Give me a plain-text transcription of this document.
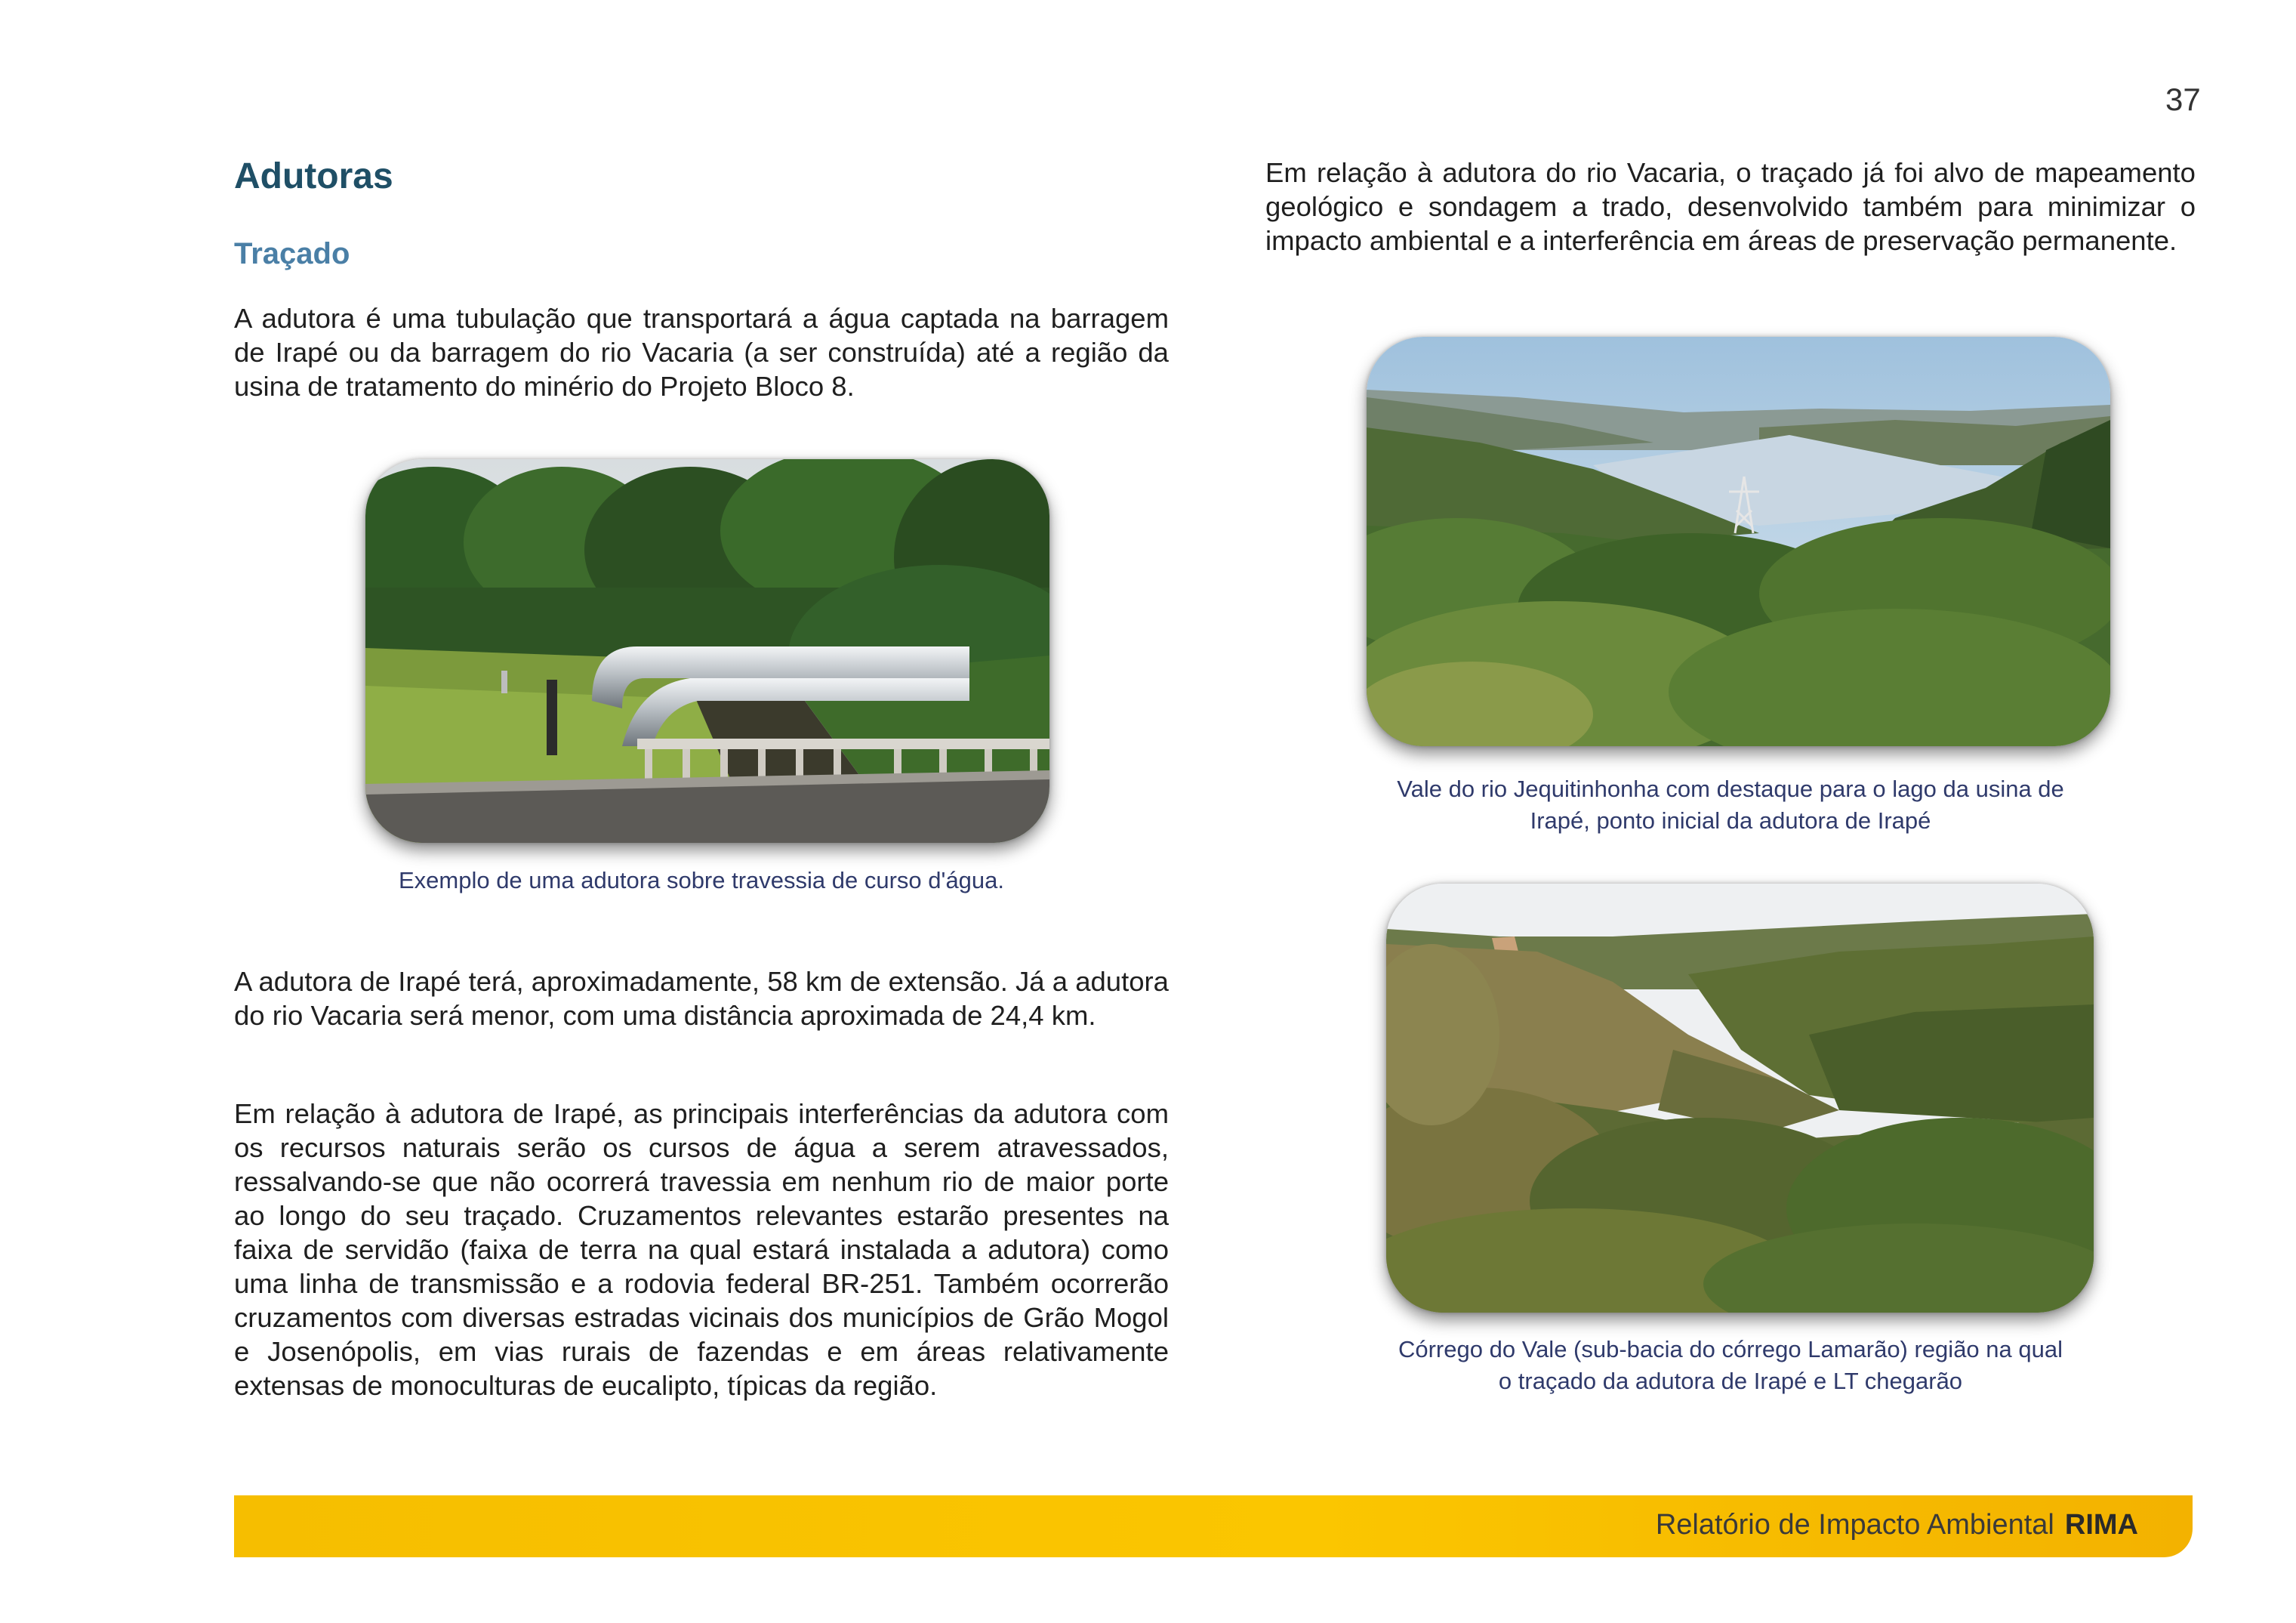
37
Adutoras
Traçado

A adutora é uma tubulação que transportará a água captada na barragem de Irapé ou da barragem do rio Vacaria (a ser construída) até a região da usina de tratamento do minério do Projeto Bloco 8.

Exemplo de uma adutora sobre travessia de curso d'água.

A adutora de Irapé terá, aproximadamente, 58 km de extensão. Já a adutora do rio Vacaria será menor, com uma distância aproximada de 24,4 km.

Em relação à adutora de Irapé, as principais interferências da adutora com os recursos naturais serão os cursos de água a serem atravessados, ressalvando-se que não ocorrerá travessia em nenhum rio de maior porte ao longo do seu traçado. Cruzamentos relevantes estarão presentes na faixa de servidão (faixa de terra na qual estará instalada a adutora) como uma linha de transmissão e a rodovia federal BR-251. Também ocorrerão cruzamentos com diversas estradas vicinais dos municípios de Grão Mogol e Josenópolis, em vias rurais de fazendas e em áreas relativamente extensas de monoculturas de eucalipto, típicas da região.

Em relação à adutora do rio Vacaria, o traçado já foi alvo de mapeamento geológico e sondagem a trado, desenvolvido também para minimizar o impacto ambiental e a interferência em áreas de preservação permanente.

Vale do rio Jequitinhonha com destaque para o lago da usina de
Irapé, ponto inicial da adutora de Irapé
Córrego do Vale (sub-bacia do córrego Lamarão) região na qual
o traçado da adutora de Irapé e LT chegarão
Relatório de Impacto Ambiental RIMA
